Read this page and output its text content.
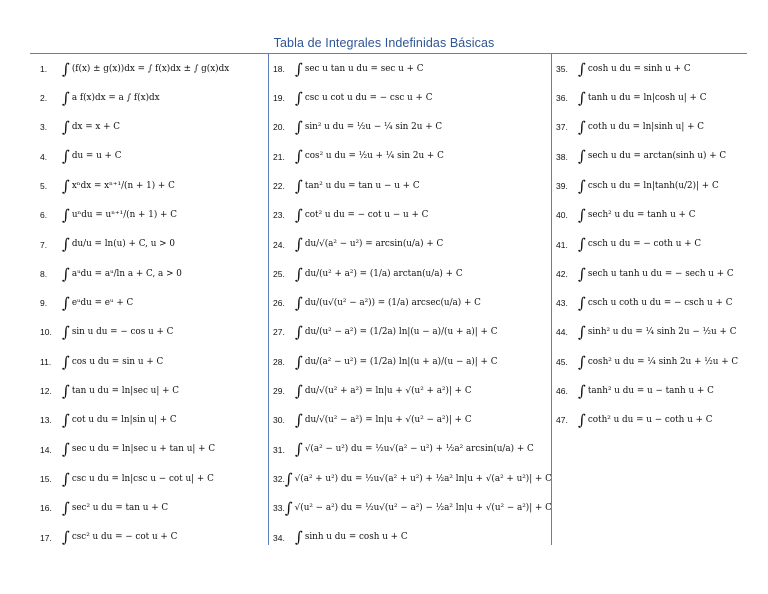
Tabla de Integrales Indefinidas Básicas
1. ∫ (f(x) ± g(x))dx = ∫ f(x)dx ± ∫ g(x)dx
2. ∫ a f(x)dx = a ∫ f(x)dx
3. ∫ dx = x + C
4. ∫ du = u + C
5. ∫ xⁿdx = xⁿ⁺¹/(n + 1) + C
6. ∫ uⁿdu = uⁿ⁺¹/(n + 1) + C
7. ∫ du/u = ln(u) + C, u > 0
8. ∫ aᵘdu = aᵘ/ln a + C, a > 0
9. ∫ eᵘdu = eᵘ + C
10. ∫ sin u du = − cos u + C
11. ∫ cos u du = sin u + C
12. ∫ tan u du = ln|sec u| + C
13. ∫ cot u du = ln|sin u| + C
14. ∫ sec u du = ln|sec u + tan u| + C
15. ∫ csc u du = ln|csc u − cot u| + C
16. ∫ sec² u du = tan u + C
17. ∫ csc² u du = − cot u + C
18. ∫ sec u tan u du = sec u + C
19. ∫ csc u cot u du = − csc u + C
20. ∫ sin² u du = ½u − ¼ sin 2u + C
21. ∫ cos² u du = ½u + ¼ sin 2u + C
22. ∫ tan² u du = tan u − u + C
23. ∫ cot² u du = − cot u − u + C
24. ∫ du/√(a² − u²) = arcsin(u/a) + C
25. ∫ du/(u² + a²) = (1/a) arctan(u/a) + C
26. ∫ du/(u√(u² − a²)) = (1/a) arcsec(u/a) + C
27. ∫ du/(u² − a²) = (1/2a) ln|(u − a)/(u + a)| + C
28. ∫ du/(a² − u²) = (1/2a) ln|(u + a)/(u − a)| + C
29. ∫ du/√(u² + a²) = ln|u + √(u² + a²)| + C
30. ∫ du/√(u² − a²) = ln|u + √(u² − a²)| + C
31. ∫ √(a² − u²) du = ½u√(a² − u²) + ½a² arcsin(u/a) + C
32. ∫ √(a² + u²) du = ½u√(a² + u²) + ½a² ln|u + √(a² + u²)| + C
33. ∫ √(u² − a²) du = ½u√(u² − a²) − ½a² ln|u + √(u² − a²)| + C
34. ∫ sinh u du = cosh u + C
35. ∫ cosh u du = sinh u + C
36. ∫ tanh u du = ln|cosh u| + C
37. ∫ coth u du = ln|sinh u| + C
38. ∫ sech u du = arctan(sinh u) + C
39. ∫ csch u du = ln|tanh(u/2)| + C
40. ∫ sech² u du = tanh u + C
41. ∫ csch u du = − coth u + C
42. ∫ sech u tanh u du = − sech u + C
43. ∫ csch u coth u du = − csch u + C
44. ∫ sinh² u du = ¼ sinh 2u − ½u + C
45. ∫ cosh² u du = ¼ sinh 2u + ½u + C
46. ∫ tanh² u du = u − tanh u + C
47. ∫ coth² u du = u − coth u + C
